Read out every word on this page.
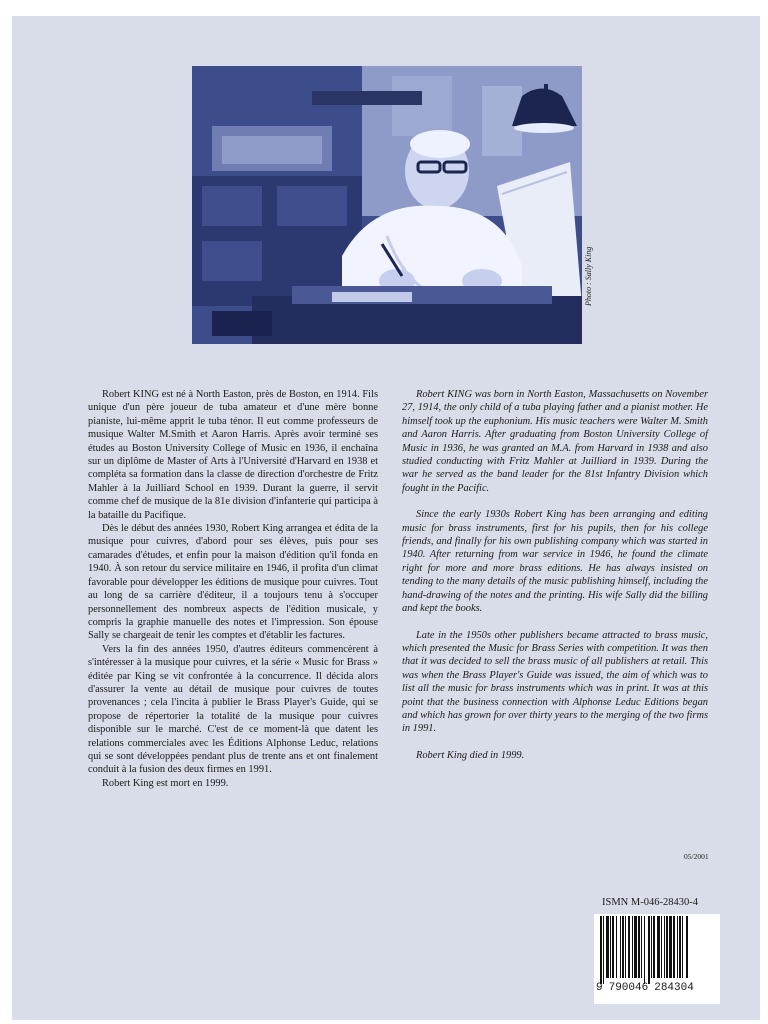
Photo : Sally King

Robert KING est né à North Easton, près de Boston, en 1914. Fils unique d'un père joueur de tuba amateur et d'une mère bonne pianiste, lui-même apprit le tuba ténor. Il eut comme professeurs de musique Walter M.Smith et Aaron Harris. Après avoir terminé ses études au Boston University College of Music en 1936, il enchaîna sur un diplôme de Master of Arts à l'Université d'Harvard en 1938 et compléta sa formation dans la classe de direction d'orchestre de Fritz Mahler à la Juilliard School en 1939. Durant la guerre, il servit comme chef de musique de la 81e division d'infanterie qui participa à la bataille du Pacifique.

Dès le début des années 1930, Robert King arrangea et édita de la musique pour cuivres, d'abord pour ses élèves, puis pour ses camarades d'études, et enfin pour la maison d'édition qu'il fonda en 1940. À son retour du service militaire en 1946, il profita d'un climat favorable pour développer les éditions de musique pour cuivres. Tout au long de sa carrière d'éditeur, il a toujours tenu à s'occuper personnellement des nombreux aspects de l'édition musicale, y compris la graphie manuelle des notes et l'impression. Son épouse Sally se chargeait de tenir les comptes et d'établir les factures.

Vers la fin des années 1950, d'autres éditeurs commencèrent à s'intéresser à la musique pour cuivres, et la série « Music for Brass » éditée par King se vit confrontée à la concurrence. Il décida alors d'assurer la vente au détail de musique pour cuivres de toutes provenances ; cela l'incita à publier le Brass Player's Guide, qui se propose de répertorier la totalité de la musique pour cuivres disponible sur le marché. C'est de ce moment-là que datent les relations commerciales avec les Éditions Alphonse Leduc, relations qui se sont développées pendant plus de trente ans et ont finalement conduit à la fusion des deux firmes en 1991.

Robert King est mort en 1999.

Robert KING was born in North Easton, Massachusetts on November 27, 1914, the only child of a tuba playing father and a pianist mother. He himself took up the euphonium. His music teachers were Walter M. Smith and Aaron Harris. After graduating from Boston University College of Music in 1936, he was granted an M.A. from Harvard in 1938 and also studied conducting with Fritz Mahler at Juilliard in 1939. During the war he served as the band leader for the 81st Infantry Division which fought in the Pacific.

Since the early 1930s Robert King has been arranging and editing music for brass instruments, first for his pupils, then for his college friends, and finally for his own publishing company which was started in 1940. After returning from war service in 1946, he found the climate right for more and more brass editions. He has always insisted on tending to the many details of the music publishing himself, including the hand-drawing of the notes and the printing. His wife Sally did the billing and kept the books.

Late in the 1950s other publishers became attracted to brass music, which presented the Music for Brass Series with competition. It was then that it was decided to sell the brass music of all publishers at retail. This was when the Brass Player's Guide was issued, the aim of which was to list all the music for brass instruments which was in print. It was at this point that the business connection with Alphonse Leduc Editions began and which has grown for over thirty years to the merging of the two firms in 1991.

Robert King died in 1999.

05/2001
ISMN M-046-28430-4
9 790046 284304
